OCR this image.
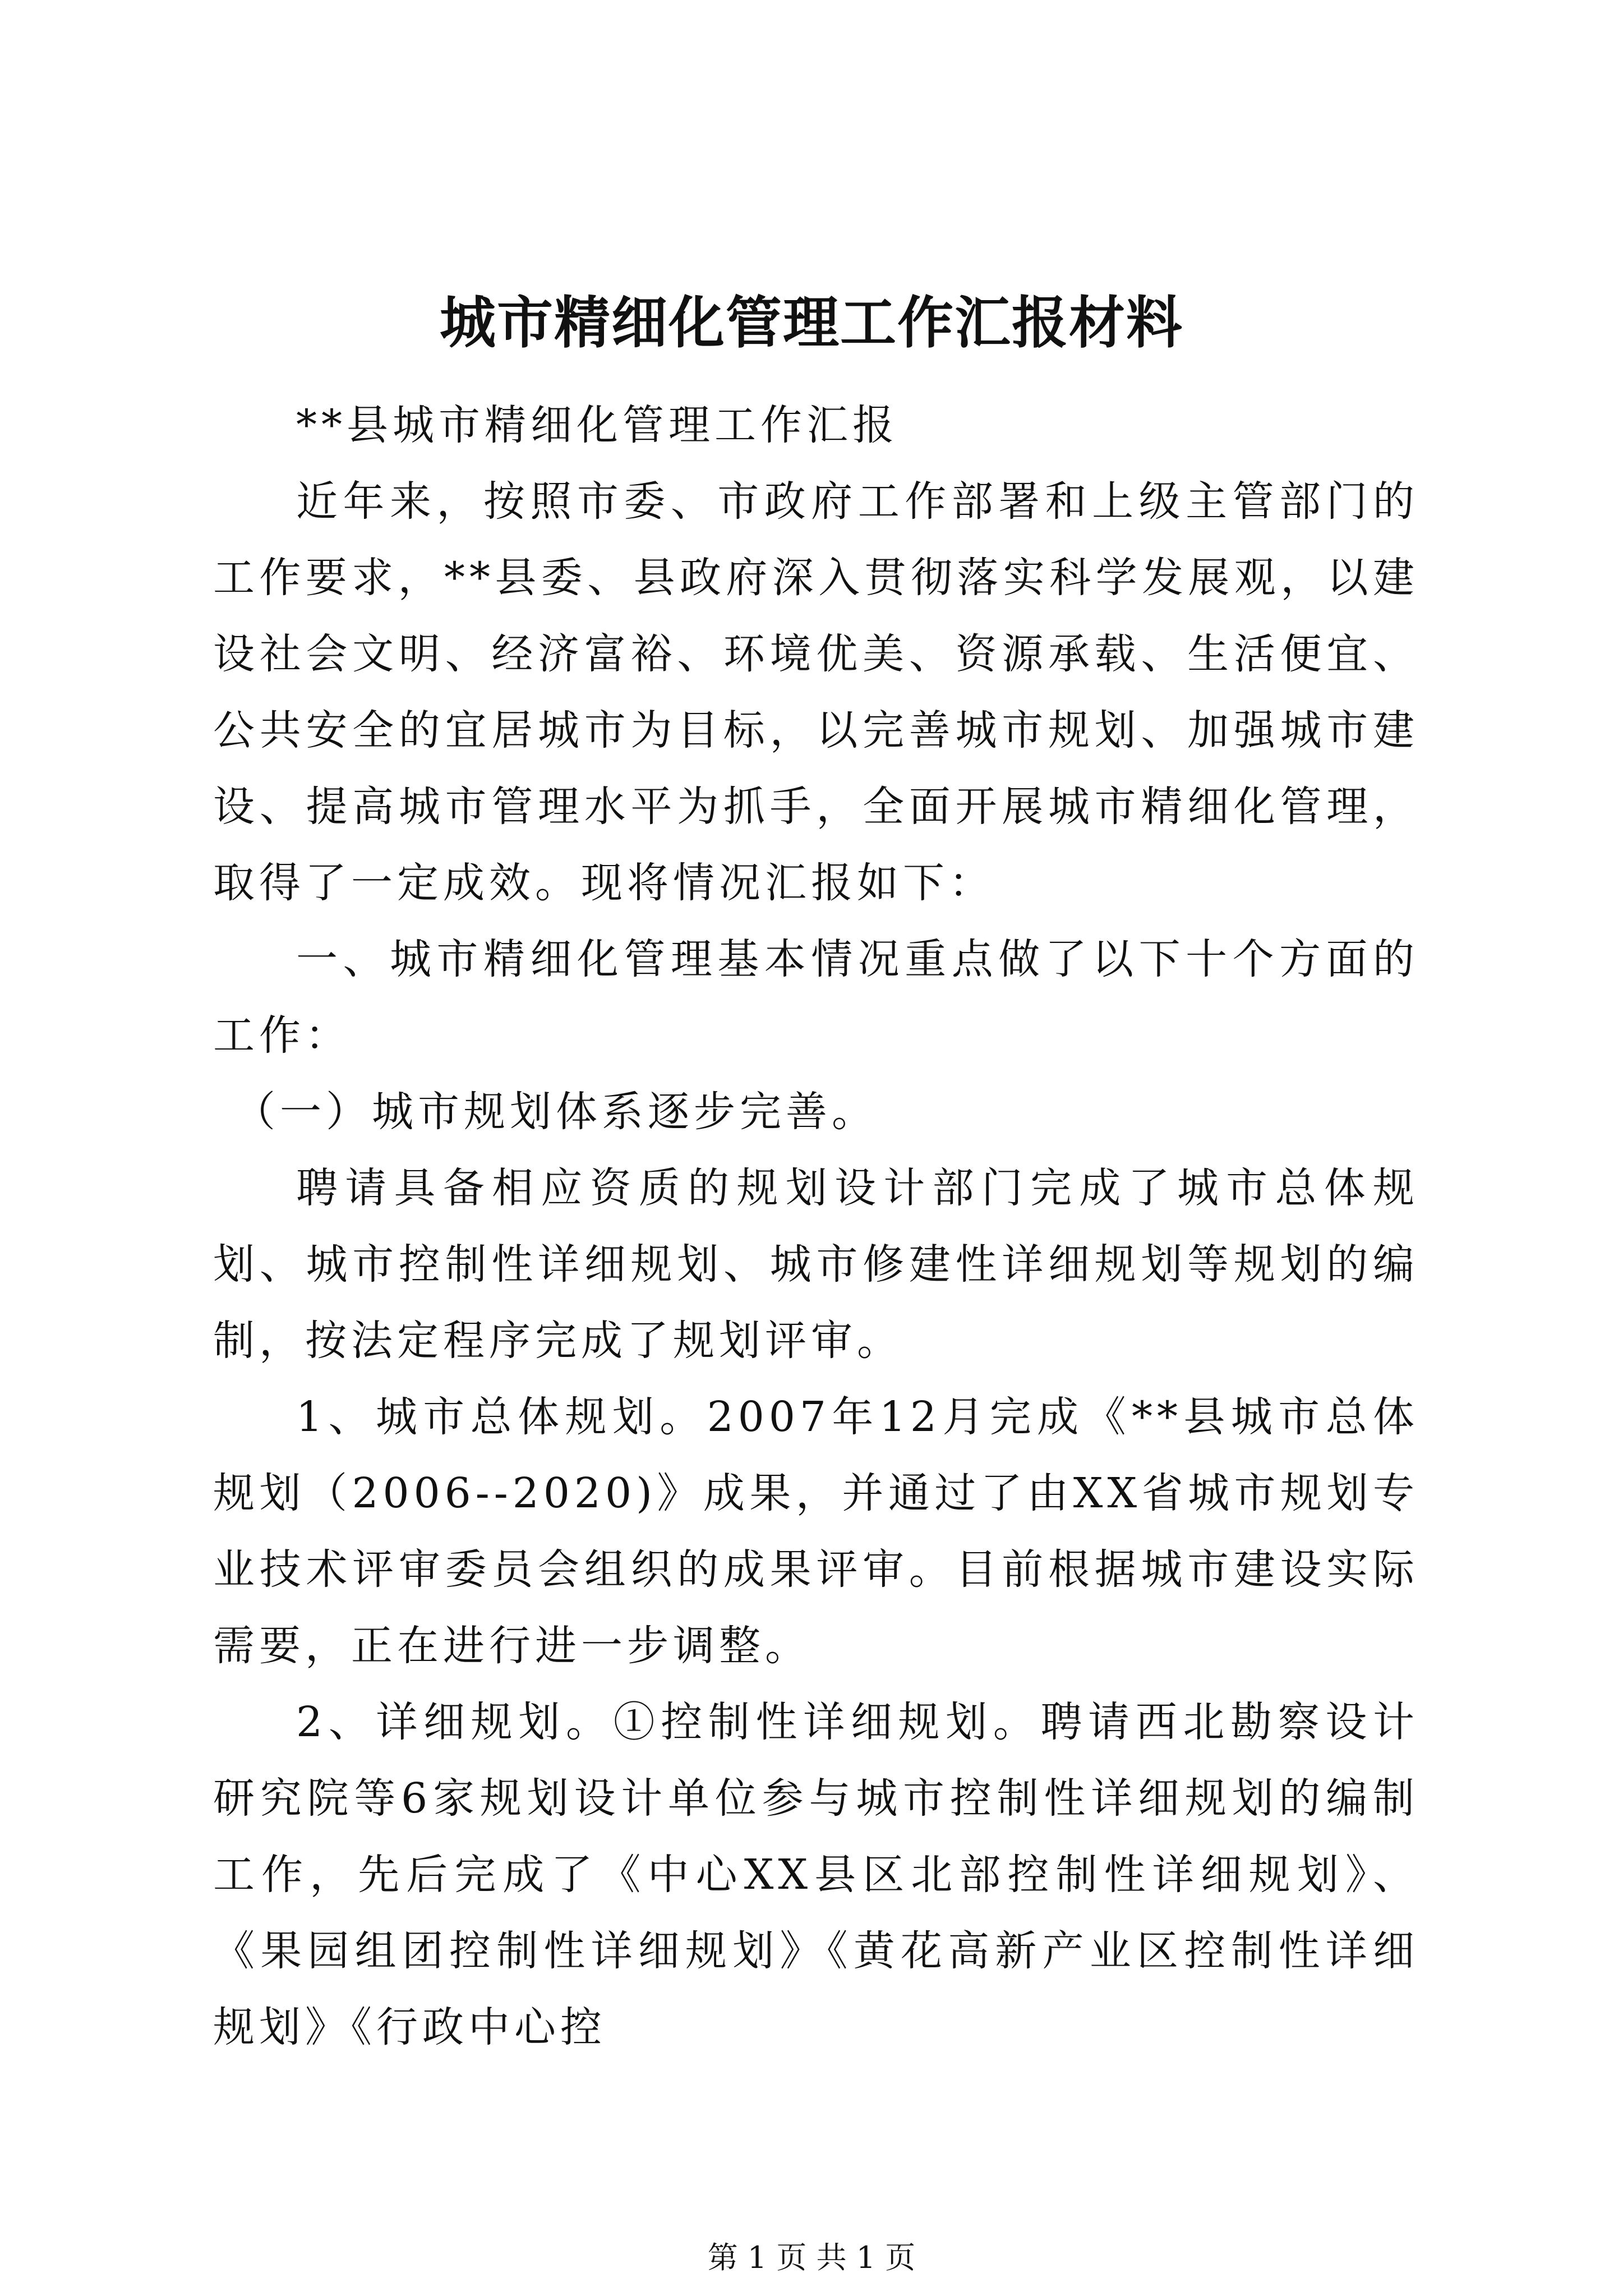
城市精细化管理工作汇报材料

**县城市精细化管理工作汇报

近年来，按照市委、市政府工作部署和上级主管部门的工作要求，**县委、县政府深入贯彻落实科学发展观，以建设社会文明、经济富裕、环境优美、资源承载、生活便宜、公共安全的宜居城市为目标，以完善城市规划、加强城市建设、提高城市管理水平为抓手，全面开展城市精细化管理，取得了一定成效。现将情况汇报如下：

一、城市精细化管理基本情况重点做了以下十个方面的工作：

（一）城市规划体系逐步完善。

聘请具备相应资质的规划设计部门完成了城市总体规划、城市控制性详细规划、城市修建性详细规划等规划的编制，按法定程序完成了规划评审。

1、城市总体规划。2007年12月完成《**县城市总体规划（2006--2020)》成果，并通过了由XX省城市规划专业技术评审委员会组织的成果评审。目前根据城市建设实际需要，正在进行进一步调整。

2、详细规划。①控制性详细规划。聘请西北勘察设计研究院等6家规划设计单位参与城市控制性详细规划的编制工作，先后完成了《中心XX县区北部控制性详细规划》、《果园组团控制性详细规划》《黄花高新产业区控制性详细规划》《行政中心控

第 1 页 共 1 页
